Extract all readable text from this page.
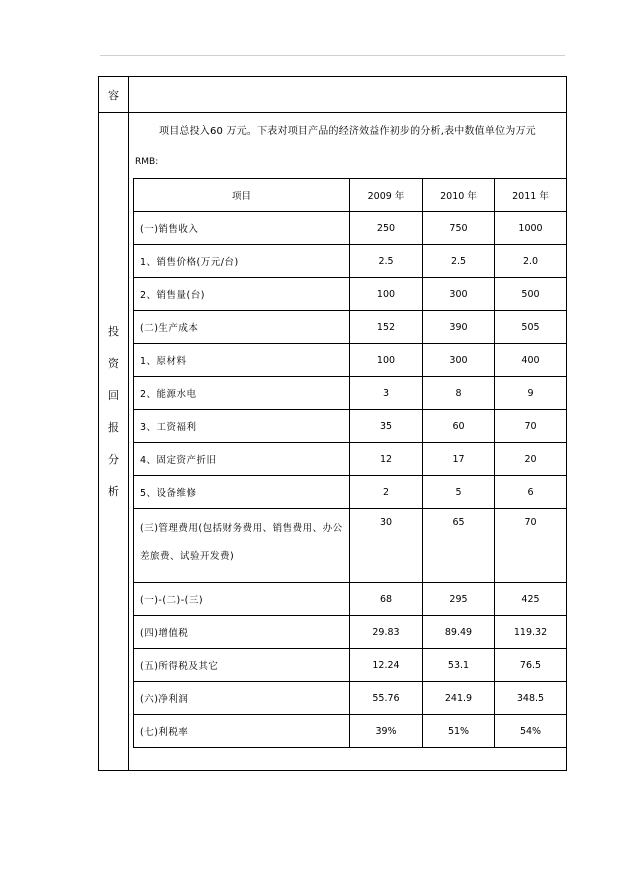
容
投
资
回
报
分
析
项目总投入60 万元。下表对项目产品的经济效益作初步的分析,表中数值单位为万元
RMB:
项目	2009 年	2010 年	2011 年
(一)销售收入	250	750	1000
1、销售价格(万元/台)	2.5	2.5	2.0
2、销售量(台)	100	300	500
(二)生产成本	152	390	505
1、原材料	100	300	400
2、能源水电	3	8	9
3、工资福利	35	60	70
4、固定资产折旧	12	17	20
5、设备维修	2	5	6
(三)管理费用(包括财务费用、销售费用、办公差旅费、试验开发费)	30	65	70
(一)-(二)-(三)	68	295	425
(四)增值税	29.83	89.49	119.32
(五)所得税及其它	12.24	53.1	76.5
(六)净利润	55.76	241.9	348.5
(七)利税率	39%	51%	54%
